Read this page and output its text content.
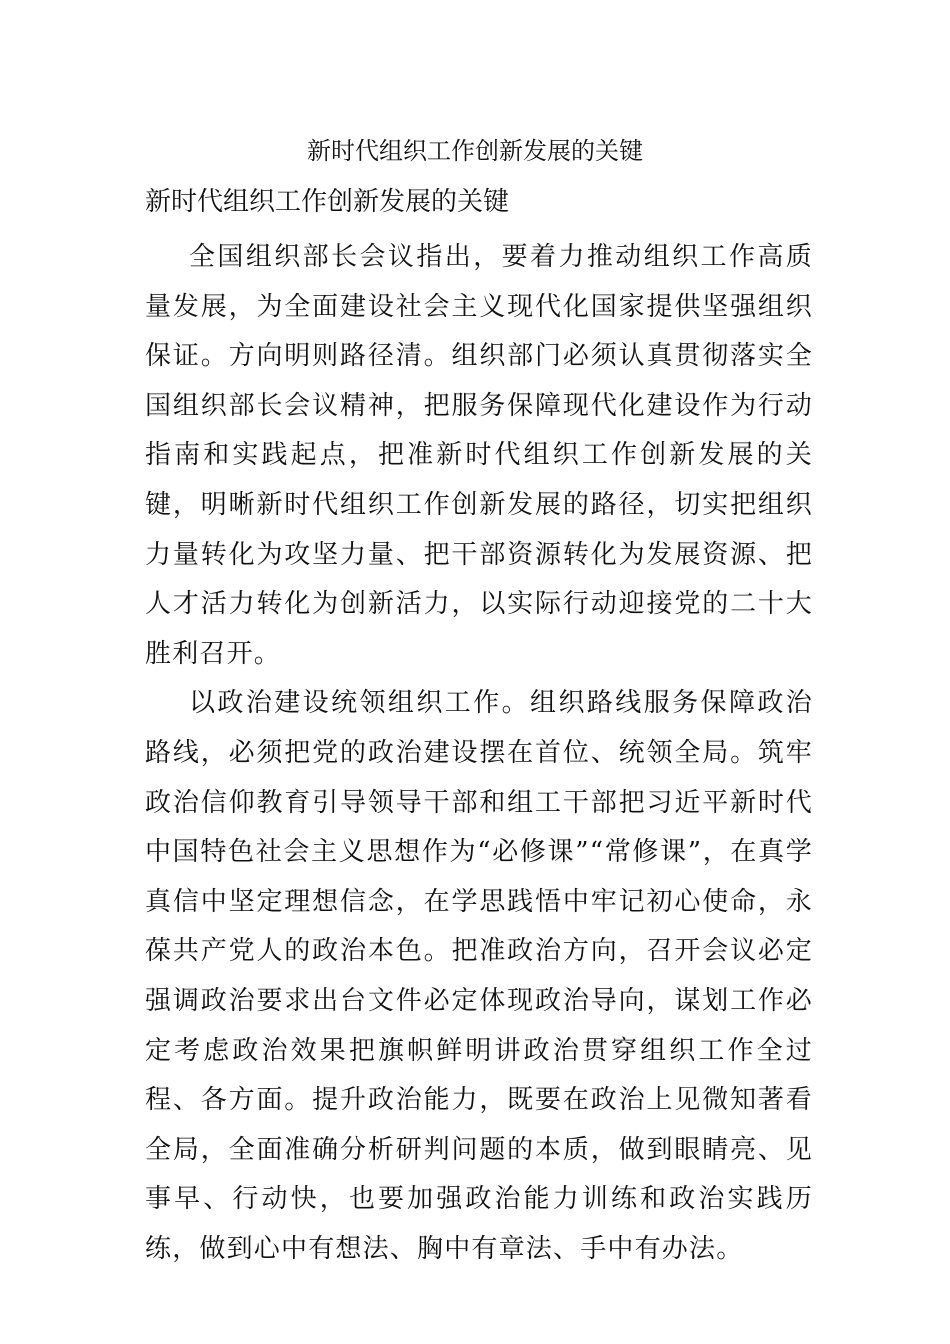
新时代组织工作创新发展的关键
新时代组织工作创新发展的关键

全国组织部长会议指出，要着力推动组织工作高质量发展，为全面建设社会主义现代化国家提供坚强组织保证。方向明则路径清。组织部门必须认真贯彻落实全国组织部长会议精神，把服务保障现代化建设作为行动指南和实践起点，把准新时代组织工作创新发展的关键，明晰新时代组织工作创新发展的路径，切实把组织力量转化为攻坚力量、把干部资源转化为发展资源、把人才活力转化为创新活力，以实际行动迎接党的二十大胜利召开。

以政治建设统领组织工作。组织路线服务保障政治路线，必须把党的政治建设摆在首位、统领全局。筑牢政治信仰教育引导领导干部和组工干部把习近平新时代中国特色社会主义思想作为“必修课”“常修课”，在真学真信中坚定理想信念，在学思践悟中牢记初心使命，永葆共产党人的政治本色。把准政治方向，召开会议必定强调政治要求出台文件必定体现政治导向，谋划工作必定考虑政治效果把旗帜鲜明讲政治贯穿组织工作全过程、各方面。提升政治能力，既要在政治上见微知著看全局，全面准确分析研判问题的本质，做到眼睛亮、见事早、行动快，也要加强政治能力训练和政治实践历练，做到心中有想法、胸中有章法、手中有办法。
